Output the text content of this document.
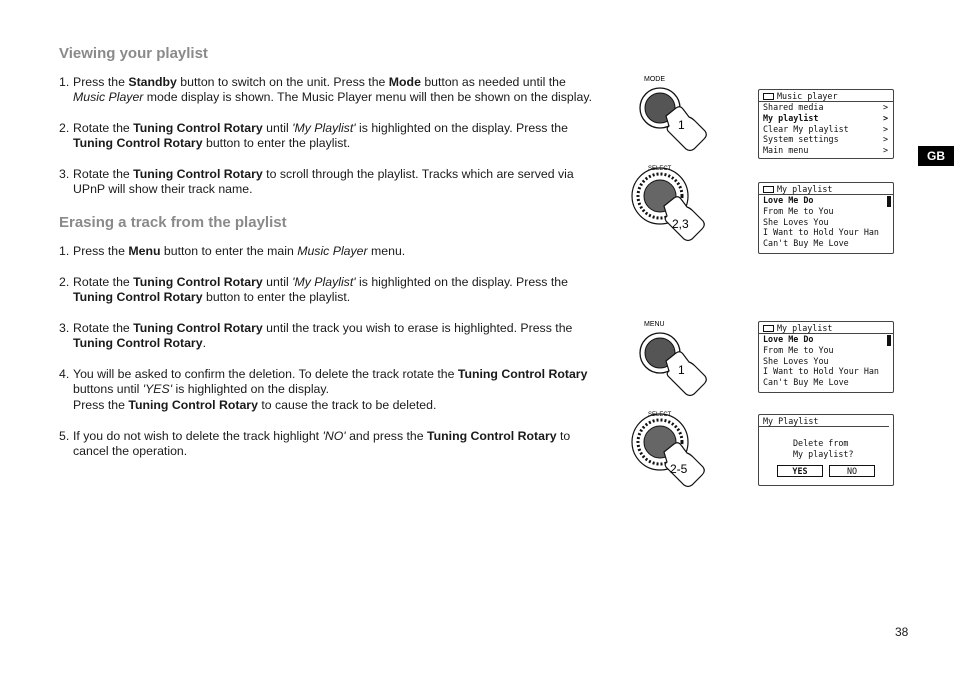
Viewing your playlist
1. Press the Standby button to switch on the unit. Press the Mode button as needed until the
Music Player mode display is shown. The Music Player menu will then be shown on the display.
2. Rotate the Tuning Control Rotary until 'My Playlist' is highlighted on the display. Press the
Tuning Control Rotary button to enter the playlist.
3. Rotate the Tuning Control Rotary to scroll through the playlist. Tracks which are served via
UPnP will show their track name.
Erasing a track from the playlist
1. Press the Menu button to enter the main Music Player menu.
2. Rotate the Tuning Control Rotary until 'My Playlist' is highlighted on the display. Press the
Tuning Control Rotary button to enter the playlist.
3. Rotate the Tuning Control Rotary until the track you wish to erase is highlighted. Press the
Tuning Control Rotary.
4. You will be asked to confirm the deletion. To delete the track rotate the Tuning Control Rotary
buttons until 'YES' is highlighted on the display.
Press the Tuning Control Rotary to cause the track to be deleted.
5. If you do not wish to delete the track highlight 'NO' and press the Tuning Control Rotary to
cancel the operation.
GB
38
MODE
1
SELECT
2,3
MENU
1
SELECT
2-5
Music player
Shared media	>
My playlist	>
Clear My playlist	>
System settings	>
Main menu	>
My playlist
Love Me Do
From Me to You
She Loves You
I Want to Hold Your Han
Can't Buy Me Love
My playlist
Love Me Do
From Me to You
She Loves You
I Want to Hold Your Han
Can't Buy Me Love
My Playlist
Delete from
My playlist?
YES	NO
